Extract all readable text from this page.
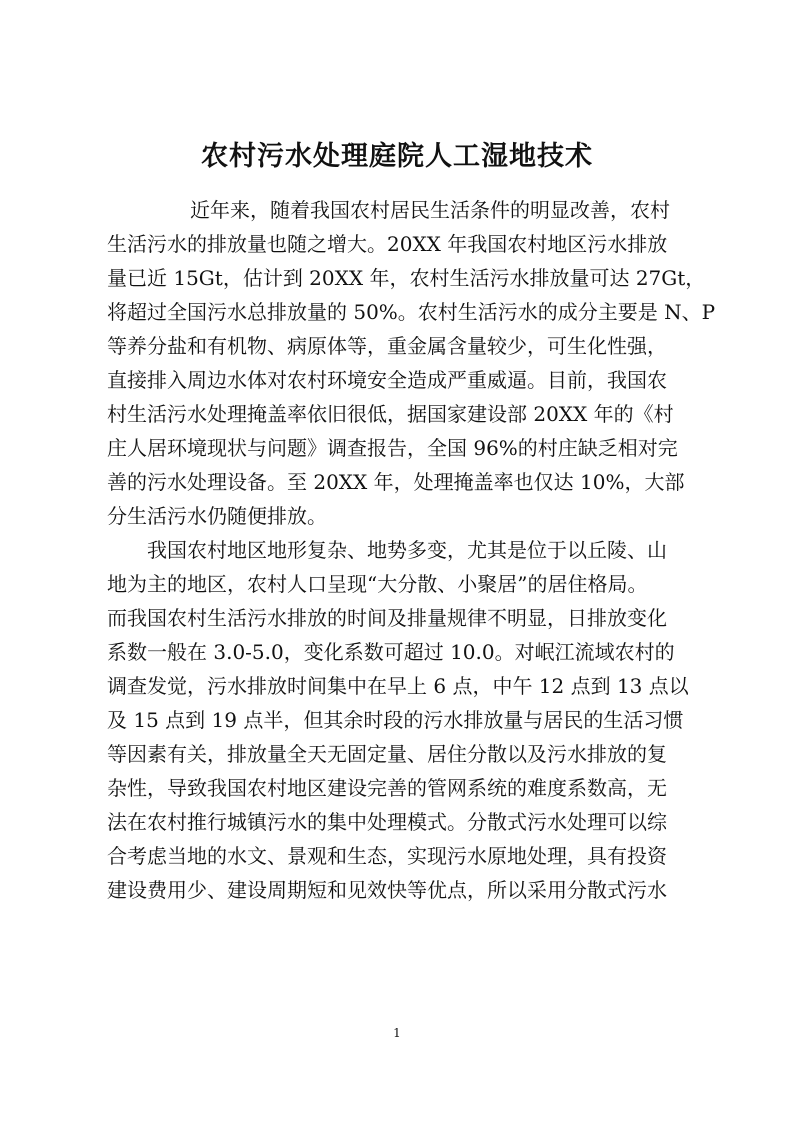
农村污水处理庭院人工湿地技术
近年来，随着我国农村居民生活条件的明显改善，农村
生活污水的排放量也随之增大。20XX 年我国农村地区污水排放
量已近 15Gt，估计到 20XX 年，农村生活污水排放量可达 27Gt，
将超过全国污水总排放量的 50%。农村生活污水的成分主要是 N、P
等养分盐和有机物、病原体等，重金属含量较少，可生化性强，
直接排入周边水体对农村环境安全造成严重威逼。目前，我国农
村生活污水处理掩盖率依旧很低，据国家建设部 20XX 年的《村
庄人居环境现状与问题》调查报告，全国 96%的村庄缺乏相对完
善的污水处理设备。至 20XX 年，处理掩盖率也仅达 10%，大部
分生活污水仍随便排放。
我国农村地区地形复杂、地势多变，尤其是位于以丘陵、山
地为主的地区，农村人口呈现“大分散、小聚居”的居住格局。
而我国农村生活污水排放的时间及排量规律不明显，日排放变化
系数一般在 3.0-5.0，变化系数可超过 10.0。对岷江流域农村的
调查发觉，污水排放时间集中在早上 6 点，中午 12 点到 13 点以
及 15 点到 19 点半，但其余时段的污水排放量与居民的生活习惯
等因素有关，排放量全天无固定量、居住分散以及污水排放的复
杂性，导致我国农村地区建设完善的管网系统的难度系数高，无
法在农村推行城镇污水的集中处理模式。分散式污水处理可以综
合考虑当地的水文、景观和生态，实现污水原地处理，具有投资
建设费用少、建设周期短和见效快等优点，所以采用分散式污水
1
